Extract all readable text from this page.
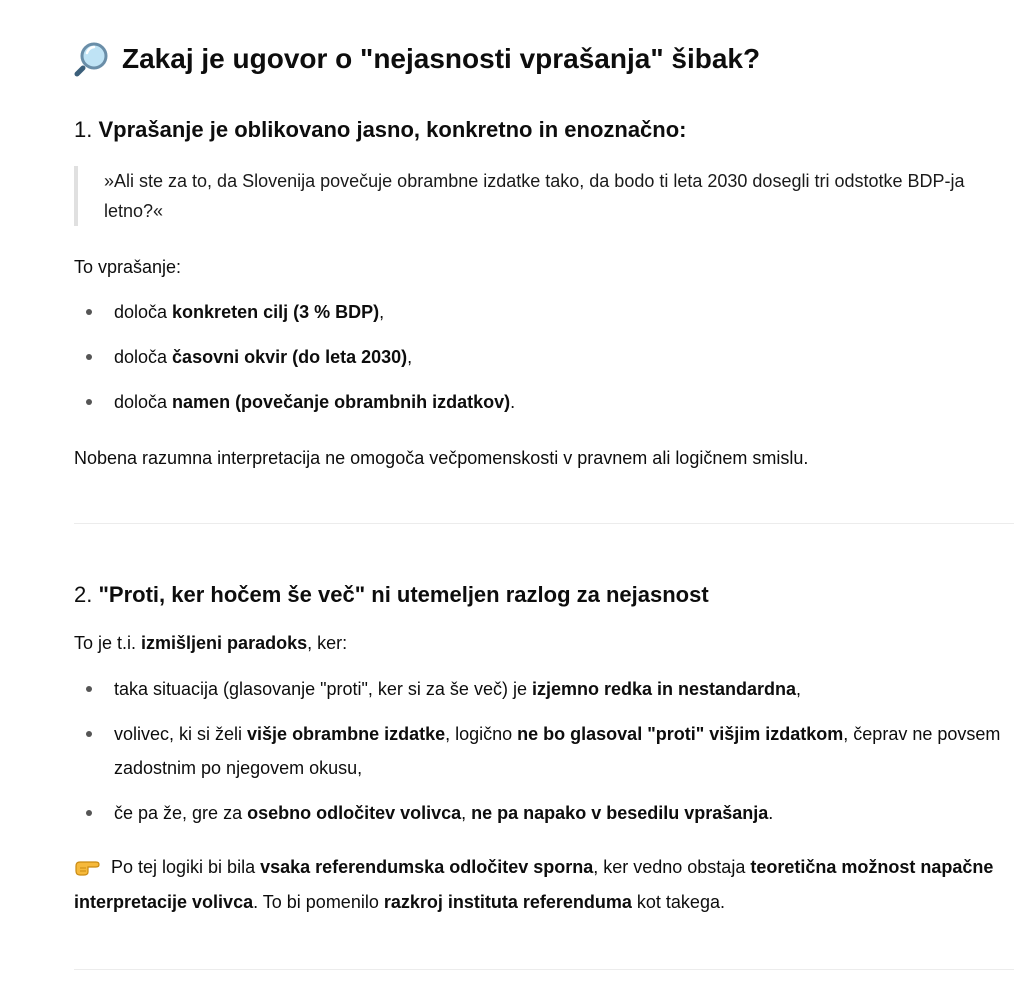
Zakaj je ugovor o "nejasnosti vprašanja" šibak?
1. Vprašanje je oblikovano jasno, konkretno in enoznačno:
»Ali ste za to, da Slovenija povečuje obrambne izdatke tako, da bodo ti leta 2030 dosegli tri odstotke BDP-ja letno?«

To vprašanje:

določa konkreten cilj (3 % BDP),
določa časovni okvir (do leta 2030),
določa namen (povečanje obrambnih izdatkov).

Nobena razumna interpretacija ne omogoča večpomenskosti v pravnem ali logičnem smislu.

2. "Proti, ker hočem še več" ni utemeljen razlog za nejasnost

To je t.i. izmišljeni paradoks, ker:

taka situacija (glasovanje "proti", ker si za še več) je izjemno redka in nestandardna,
volivec, ki si želi višje obrambne izdatke, logično ne bo glasoval "proti" višjim izdatkom, čeprav ne povsem zadostnim po njegovem okusu,
če pa že, gre za osebno odločitev volivca, ne pa napako v besedilu vprašanja.
Po tej logiki bi bila vsaka referendumska odločitev sporna, ker vedno obstaja teoretična možnost napačne interpretacije volivca. To bi pomenilo razkroj instituta referenduma kot takega.
